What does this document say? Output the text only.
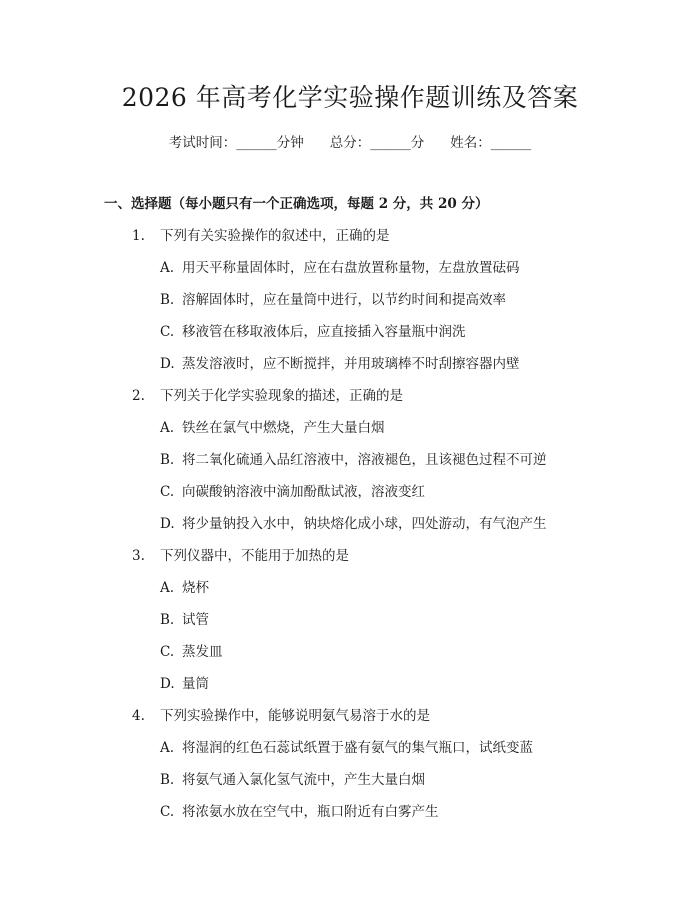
2026 年高考化学实验操作题训练及答案
考试时间：______分钟 总分：______分 姓名：______
一、选择题（每小题只有一个正确选项，每题 2 分，共 20 分）
1. 下列有关实验操作的叙述中，正确的是
A. 用天平称量固体时，应在右盘放置称量物，左盘放置砝码
B. 溶解固体时，应在量筒中进行，以节约时间和提高效率
C. 移液管在移取液体后，应直接插入容量瓶中润洗
D. 蒸发溶液时，应不断搅拌，并用玻璃棒不时刮擦容器内壁
2. 下列关于化学实验现象的描述，正确的是
A. 铁丝在氯气中燃烧，产生大量白烟
B. 将二氧化硫通入品红溶液中，溶液褪色，且该褪色过程不可逆
C. 向碳酸钠溶液中滴加酚酞试液，溶液变红
D. 将少量钠投入水中，钠块熔化成小球，四处游动，有气泡产生
3. 下列仪器中，不能用于加热的是
A. 烧杯
B. 试管
C. 蒸发皿
D. 量筒
4. 下列实验操作中，能够说明氨气易溶于水的是
A. 将湿润的红色石蕊试纸置于盛有氨气的集气瓶口，试纸变蓝
B. 将氨气通入氯化氢气流中，产生大量白烟
C. 将浓氨水放在空气中，瓶口附近有白雾产生
